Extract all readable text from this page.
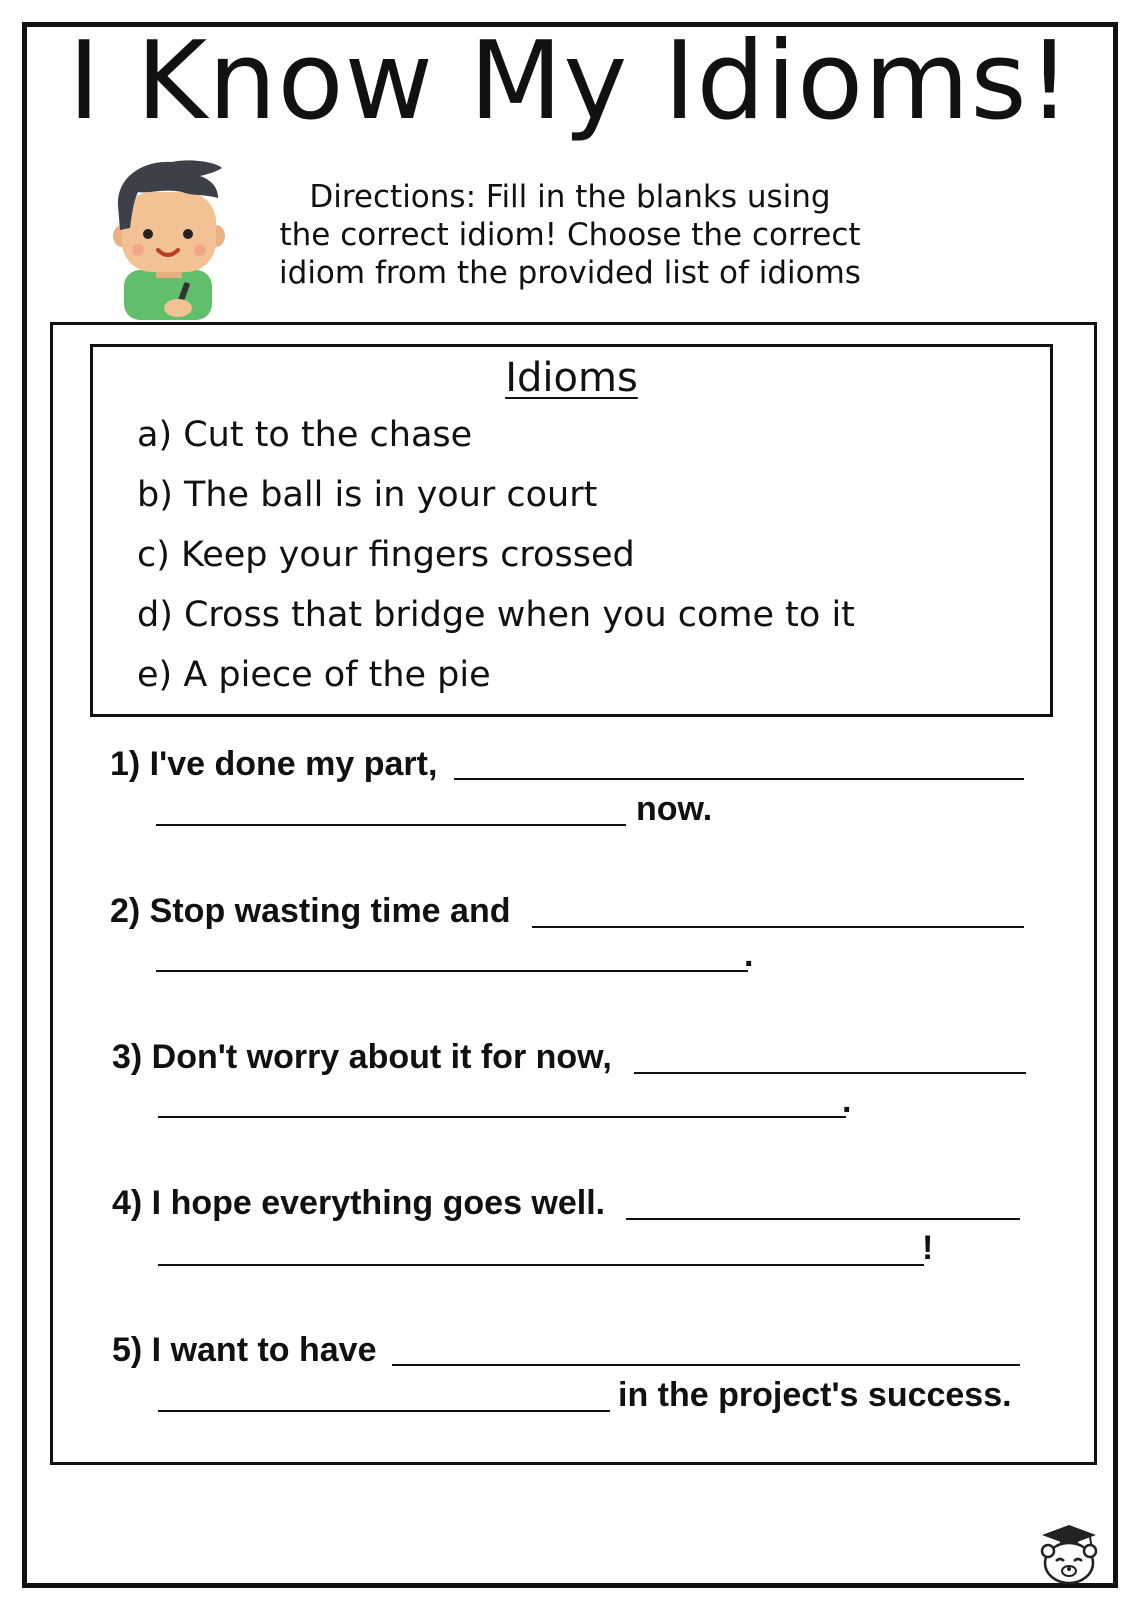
I Know My Idioms!
Directions: Fill in the blanks using
the correct idiom! Choose the correct
idiom from the provided list of idioms
Idioms
a) Cut to the chase
b) The ball is in your court
c) Keep your fingers crossed
d) Cross that bridge when you come to it
e) A piece of the pie
1) I've done my part,
now.
2) Stop wasting time and
.
3) Don't worry about it for now,
.
4) I hope everything goes well.
!
5) I want to have
in the project's success.
